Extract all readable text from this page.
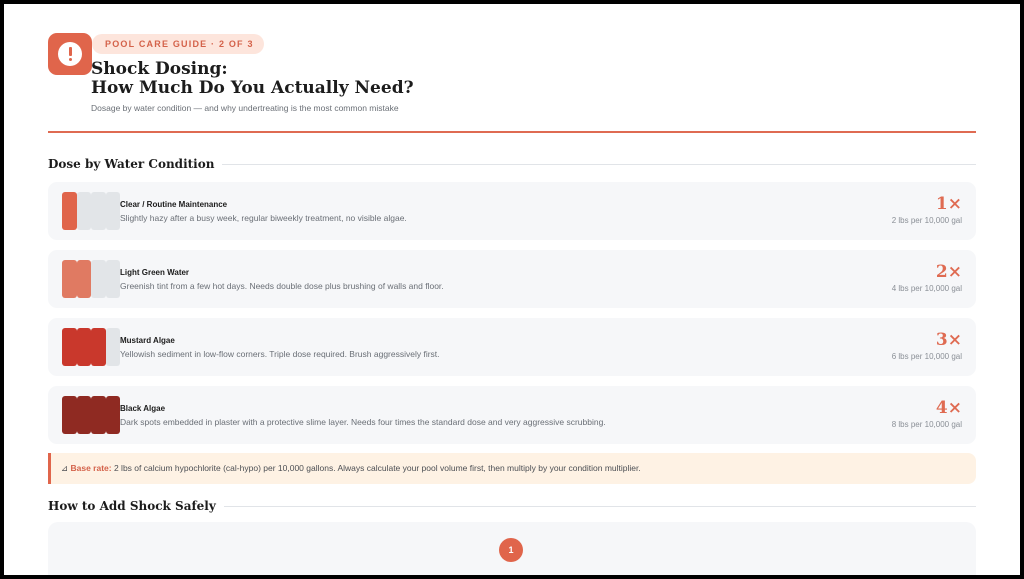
POOL CARE GUIDE · 2 OF 3
Shock Dosing:
How Much Do You Actually Need?
Dosage by water condition — and why undertreating is the most common mistake
Dose by Water Condition
Clear / Routine Maintenance
Slightly hazy after a busy week, regular biweekly treatment, no visible algae.
1×
2 lbs per 10,000 gal
Light Green Water
Greenish tint from a few hot days. Needs double dose plus brushing of walls and floor.
2×
4 lbs per 10,000 gal
Mustard Algae
Yellowish sediment in low-flow corners. Triple dose required. Brush aggressively first.
3×
6 lbs per 10,000 gal
Black Algae
Dark spots embedded in plaster with a protective slime layer. Needs four times the standard dose and very aggressive scrubbing.
4×
8 lbs per 10,000 gal
⊿ Base rate: 2 lbs of calcium hypochlorite (cal-hypo) per 10,000 gallons. Always calculate your pool volume first, then multiply by your condition multiplier.
How to Add Shock Safely
1
